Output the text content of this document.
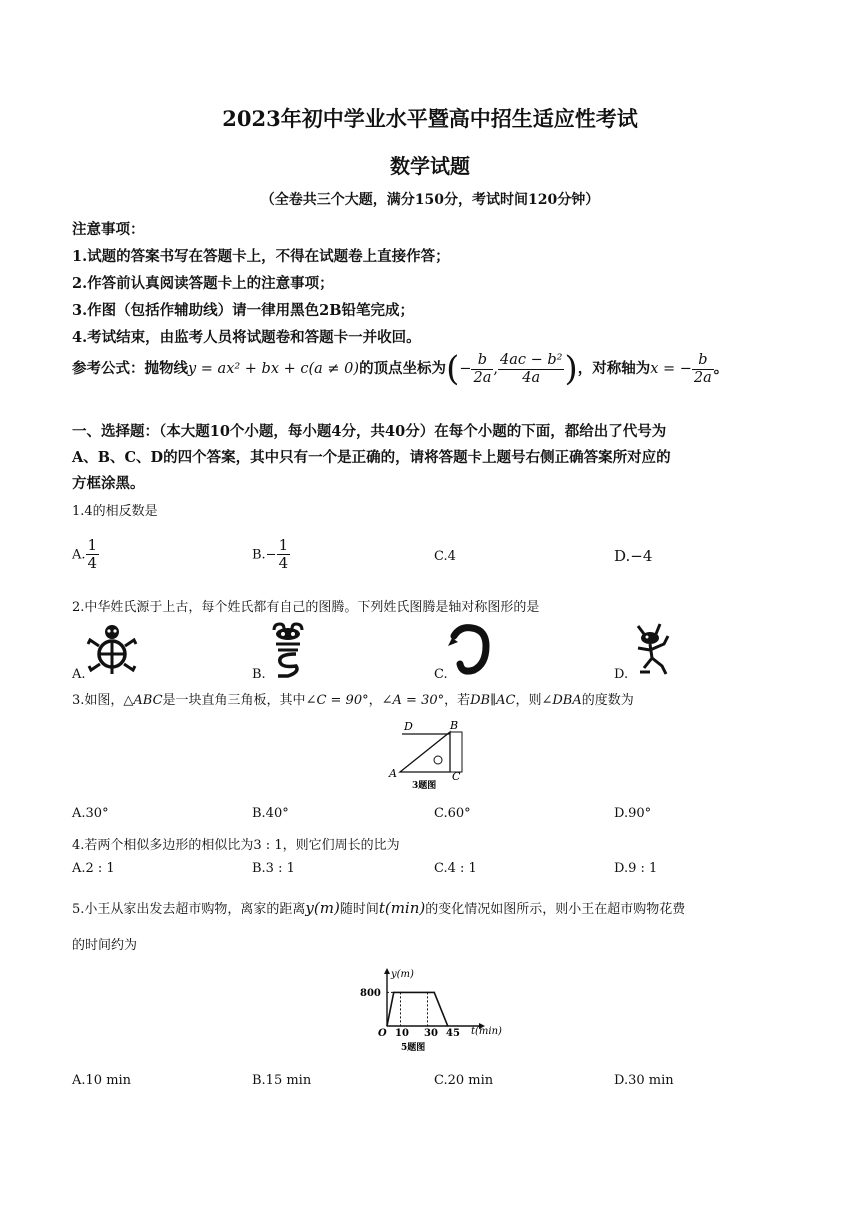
2023年初中学业水平暨高中招生适应性考试
数学试题
（全卷共三个大题，满分150分，考试时间120分钟）
注意事项：
1.试题的答案书写在答题卡上，不得在试题卷上直接作答；
2.作答前认真阅读答题卡上的注意事项；
3.作图（包括作辅助线）请一律用黑色2B铅笔完成；
4.考试结束，由监考人员将试题卷和答题卡一并收回。
参考公式：抛物线y = ax² + bx + c(a ≠ 0)的顶点坐标为(− $\frac{b}{2a}$ , $\frac{\text{4ac − b²}}{4a}$ )，对称轴为x = − $\frac{b}{2a}$ 。
一、选择题：（本大题10个小题，每小题4分，共40分）在每个小题的下面，都给出了代号为
A、B、C、D的四个答案，其中只有一个是正确的，请将答题卡上题号右侧正确答案所对应的
方框涂黑。
1.4的相反数是
A. $\frac{1}{4}$	$B.- \frac{1}{4}$	C.4	D.−4
2.中华姓氏源于上古，每个姓氏都有自己的图腾。下列姓氏图腾是轴对称图形的是
A.	B.	C.	D.
3.如图，△ABC是一块直角三角板，其中∠C = 90°，∠A = 30°，若DB∥AC，则∠DBA的度数为
D	B
A	C
3题图
A.30°	B.40°	C.60°	D.90°
4.若两个相似多边形的相似比为3 : 1，则它们周长的比为
A.2 : 1	B.3 : 1	C.4 : 1	D.9 : 1
5.小王从家出发去超市购物，离家的距离y(m)随时间t(min)的变化情况如图所示，则小王在超市购物花费
的时间约为
y(m)
t(min)
O
800
10 30 45
5题图
A.10 min	B.15 min	C.20 min	D.30 min
